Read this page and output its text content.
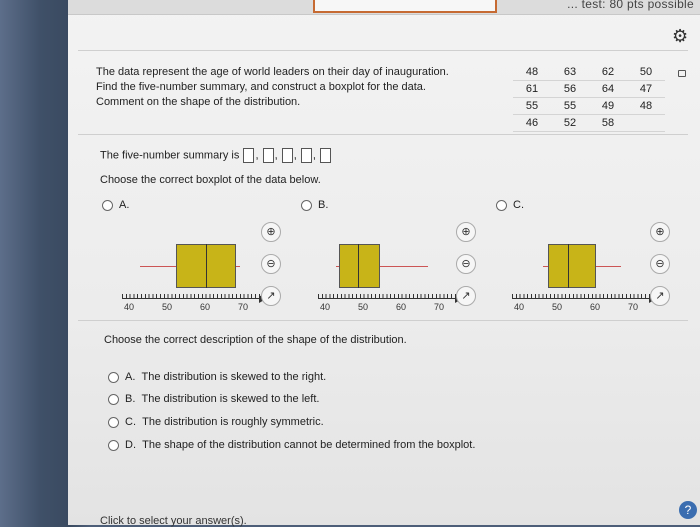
... test: 80 pts possible
⚙
The data represent the age of world leaders on their day of inauguration.
Find the five-number summary, and construct a boxplot for the data.
Comment on the shape of the distribution.
48	63	62	50
61	56	64	47
55	55	49	48
46	52	58	
The five-number summary is , , , ,
Choose the correct boxplot of the data below.
A.	B.	C.
40	50	60	70
⊕
⊖
↗
40	50	60	70
⊕
⊖
↗
40	50	60	70
⊕
⊖
↗
Choose the correct description of the shape of the distribution.
A. The distribution is skewed to the right.
B. The distribution is skewed to the left.
C. The distribution is roughly symmetric.
D. The shape of the distribution cannot be determined from the boxplot.
Click to select your answer(s).
?
